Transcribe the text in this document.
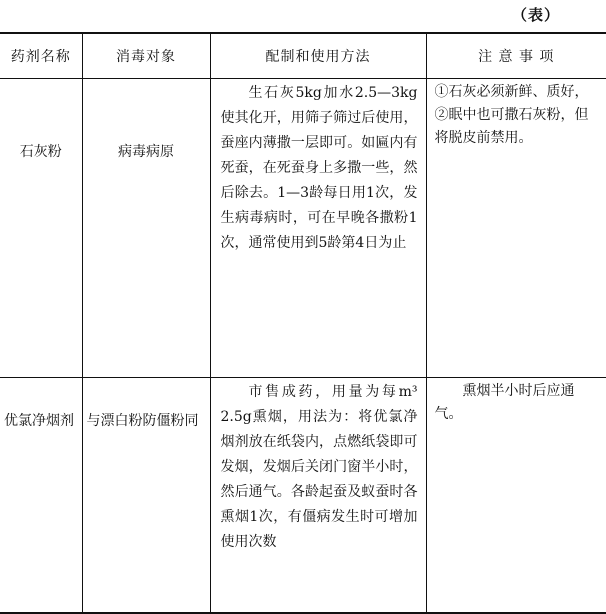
（表）
药剂名称	消毒对象	配制和使用方法	注 意 事 项
石灰粉	病毒病原	生石灰5kg加水2.5—3kg使其化开，用筛子筛过后使用，蚕座内薄撒一层即可。如匾内有死蚕，在死蚕身上多撒一些，然后除去。1—3龄每日用1次，发生病毒病时，可在早晚各撒粉1次，通常使用到5龄第4日为止	①石灰必须新鲜、质好，②眠中也可撒石灰粉，但将脱皮前禁用。

优氯净烟剂	与漂白粉防僵粉同	市售成药，用量为每m³ 2.5g熏烟，用法为：将优氯净烟剂放在纸袋内，点燃纸袋即可发烟，发烟后关闭门窗半小时，然后通气。各龄起蚕及蚁蚕时各熏烟1次，有僵病发生时可增加使用次数	熏烟半小时后应通气。
